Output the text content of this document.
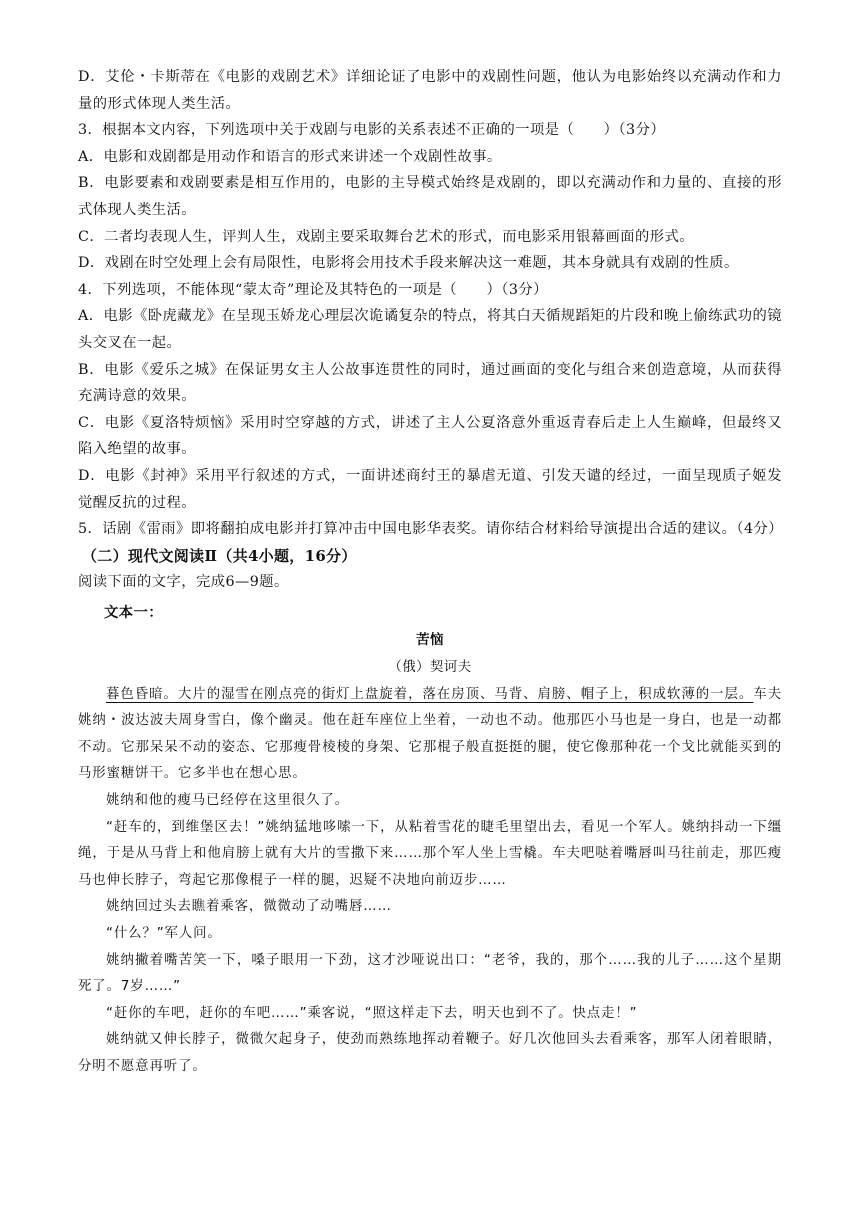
D．艾伦・卡斯蒂在《电影的戏剧艺术》详细论证了电影中的戏剧性问题，他认为电影始终以充满动作和力量的形式体现人类生活。

3．根据本文内容，下列选项中关于戏剧与电影的关系表述不正确的一项是（　　）（3分）

A．电影和戏剧都是用动作和语言的形式来讲述一个戏剧性故事。

B．电影要素和戏剧要素是相互作用的，电影的主导模式始终是戏剧的，即以充满动作和力量的、直接的形式体现人类生活。

C．二者均表现人生，评判人生，戏剧主要采取舞台艺术的形式，而电影采用银幕画面的形式。

D．戏剧在时空处理上会有局限性，电影将会用技术手段来解决这一难题，其本身就具有戏剧的性质。

4．下列选项，不能体现“蒙太奇”理论及其特色的一项是（　　）（3分）

A．电影《卧虎藏龙》在呈现玉娇龙心理层次诡谲复杂的特点，将其白天循规蹈矩的片段和晚上偷练武功的镜头交叉在一起。

B．电影《爱乐之城》在保证男女主人公故事连贯性的同时，通过画面的变化与组合来创造意境，从而获得充满诗意的效果。

C．电影《夏洛特烦恼》采用时空穿越的方式，讲述了主人公夏洛意外重返青春后走上人生巅峰，但最终又陷入绝望的故事。

D．电影《封神》采用平行叙述的方式，一面讲述商纣王的暴虐无道、引发天谴的经过，一面呈现质子姬发觉醒反抗的过程。

5．话剧《雷雨》即将翻拍成电影并打算冲击中国电影华表奖。请你结合材料给导演提出合适的建议。（4分）

（二）现代文阅读Ⅱ（共4小题，16分）

阅读下面的文字，完成6—9题。

文本一：

苦恼

（俄）契诃夫

暮色昏暗。大片的湿雪在刚点亮的街灯上盘旋着，落在房顶、马背、肩膀、帽子上，积成软薄的一层。车夫姚纳・波达波夫周身雪白，像个幽灵。他在赶车座位上坐着，一动也不动。他那匹小马也是一身白，也是一动都不动。它那呆呆不动的姿态、它那瘦骨棱棱的身架、它那棍子般直挺挺的腿，使它像那种花一个戈比就能买到的马形蜜糖饼干。它多半也在想心思。

姚纳和他的瘦马已经停在这里很久了。

“赶车的，到维堡区去！”姚纳猛地哆嗦一下，从粘着雪花的睫毛里望出去，看见一个军人。姚纳抖动一下缰绳，于是从马背上和他肩膀上就有大片的雪撒下来……那个军人坐上雪橇。车夫吧哒着嘴唇叫马往前走，那匹瘦马也伸长脖子，弯起它那像棍子一样的腿，迟疑不决地向前迈步……

姚纳回过头去瞧着乘客，微微动了动嘴唇……

“什么？”军人问。

姚纳撇着嘴苦笑一下，嗓子眼用一下劲，这才沙哑说出口：“老爷，我的，那个……我的儿子……这个星期死了。7岁……”

“赶你的车吧，赶你的车吧……”乘客说，“照这样走下去，明天也到不了。快点走！”

姚纳就又伸长脖子，微微欠起身子，使劲而熟练地挥动着鞭子。好几次他回头去看乘客，那军人闭着眼睛，分明不愿意再听了。
